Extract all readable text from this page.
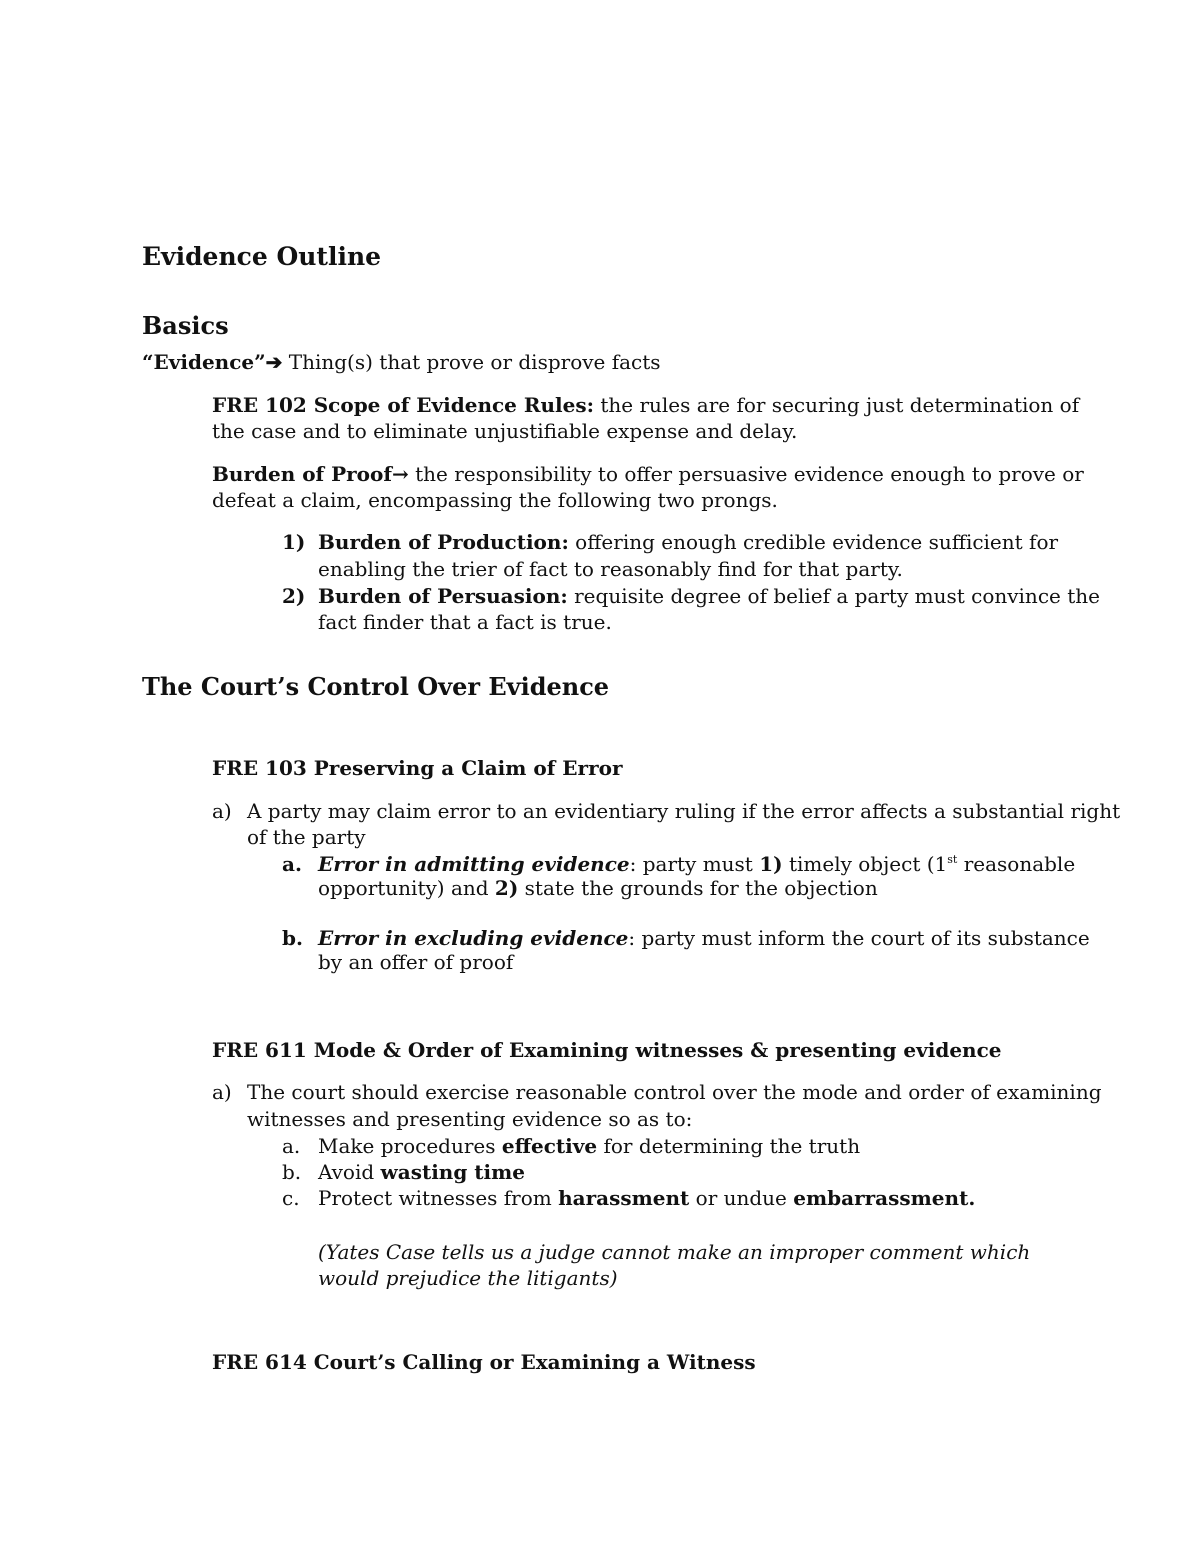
Evidence Outline
Basics
“Evidence”➔ Thing(s) that prove or disprove facts
FRE 102 Scope of Evidence Rules: the rules are for securing just determination of
the case and to eliminate unjustifiable expense and delay.
Burden of Proof→ the responsibility to offer persuasive evidence enough to prove or
defeat a claim, encompassing the following two prongs.
1) Burden of Production: offering enough credible evidence sufficient for
enabling the trier of fact to reasonably find for that party.
2) Burden of Persuasion: requisite degree of belief a party must convince the
fact finder that a fact is true.
The Court’s Control Over Evidence
FRE 103 Preserving a Claim of Error
a) A party may claim error to an evidentiary ruling if the error affects a substantial right
of the party
a. Error in admitting evidence: party must 1) timely object (1st reasonable
opportunity) and 2) state the grounds for the objection
b. Error in excluding evidence: party must inform the court of its substance
by an offer of proof
FRE 611 Mode & Order of Examining witnesses & presenting evidence
a) The court should exercise reasonable control over the mode and order of examining
witnesses and presenting evidence so as to:
a. Make procedures effective for determining the truth
b. Avoid wasting time
c. Protect witnesses from harassment or undue embarrassment.
(Yates Case tells us a judge cannot make an improper comment which
would prejudice the litigants)
FRE 614 Court’s Calling or Examining a Witness
